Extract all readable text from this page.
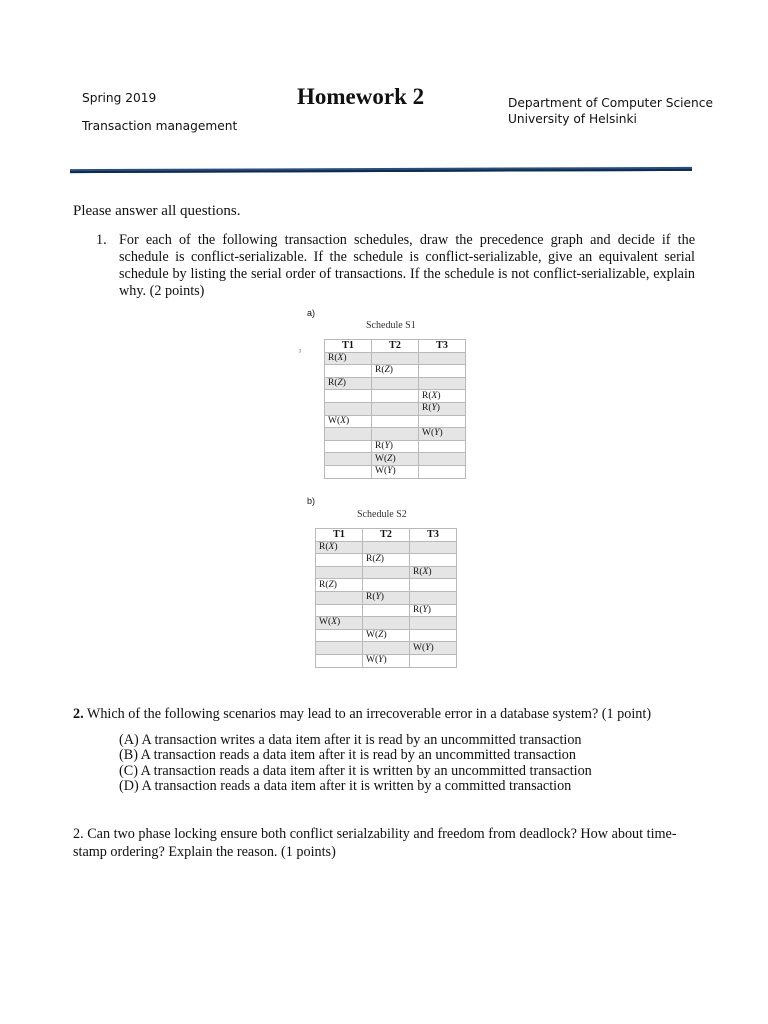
Spring 2019
Transaction management
Homework 2	Department of Computer Science
University of Helsinki
Please answer all questions.
1. For each of the following transaction schedules, draw the precedence graph and decide if the schedule is conflict-serializable. If the schedule is conflict-serializable, give an equivalent serial schedule by listing the serial order of transactions. If the schedule is not conflict-serializable, explain why. (2 points)
a)
Schedule S1
ˀ
T1	T2	T3
R(X)		
	R(Z)	
R(Z)		
		R(X)
		R(Y)
W(X)		
		W(Y)
	R(Y)	
	W(Z)	
	W(Y)	
b)
Schedule S2
T1	T2	T3
R(X)		
	R(Z)	
		R(X)
R(Z)		
	R(Y)	
		R(Y)
W(X)		
	W(Z)	
		W(Y)
	W(Y)	
2. Which of the following scenarios may lead to an irrecoverable error in a database system? (1 point)
(A) A transaction writes a data item after it is read by an uncommitted transaction
(B) A transaction reads a data item after it is read by an uncommitted transaction
(C) A transaction reads a data item after it is written by an uncommitted transaction
(D) A transaction reads a data item after it is written by a committed transaction
2. Can two phase locking ensure both conflict serialzability and freedom from deadlock? How about time-stamp ordering? Explain the reason. (1 points)
